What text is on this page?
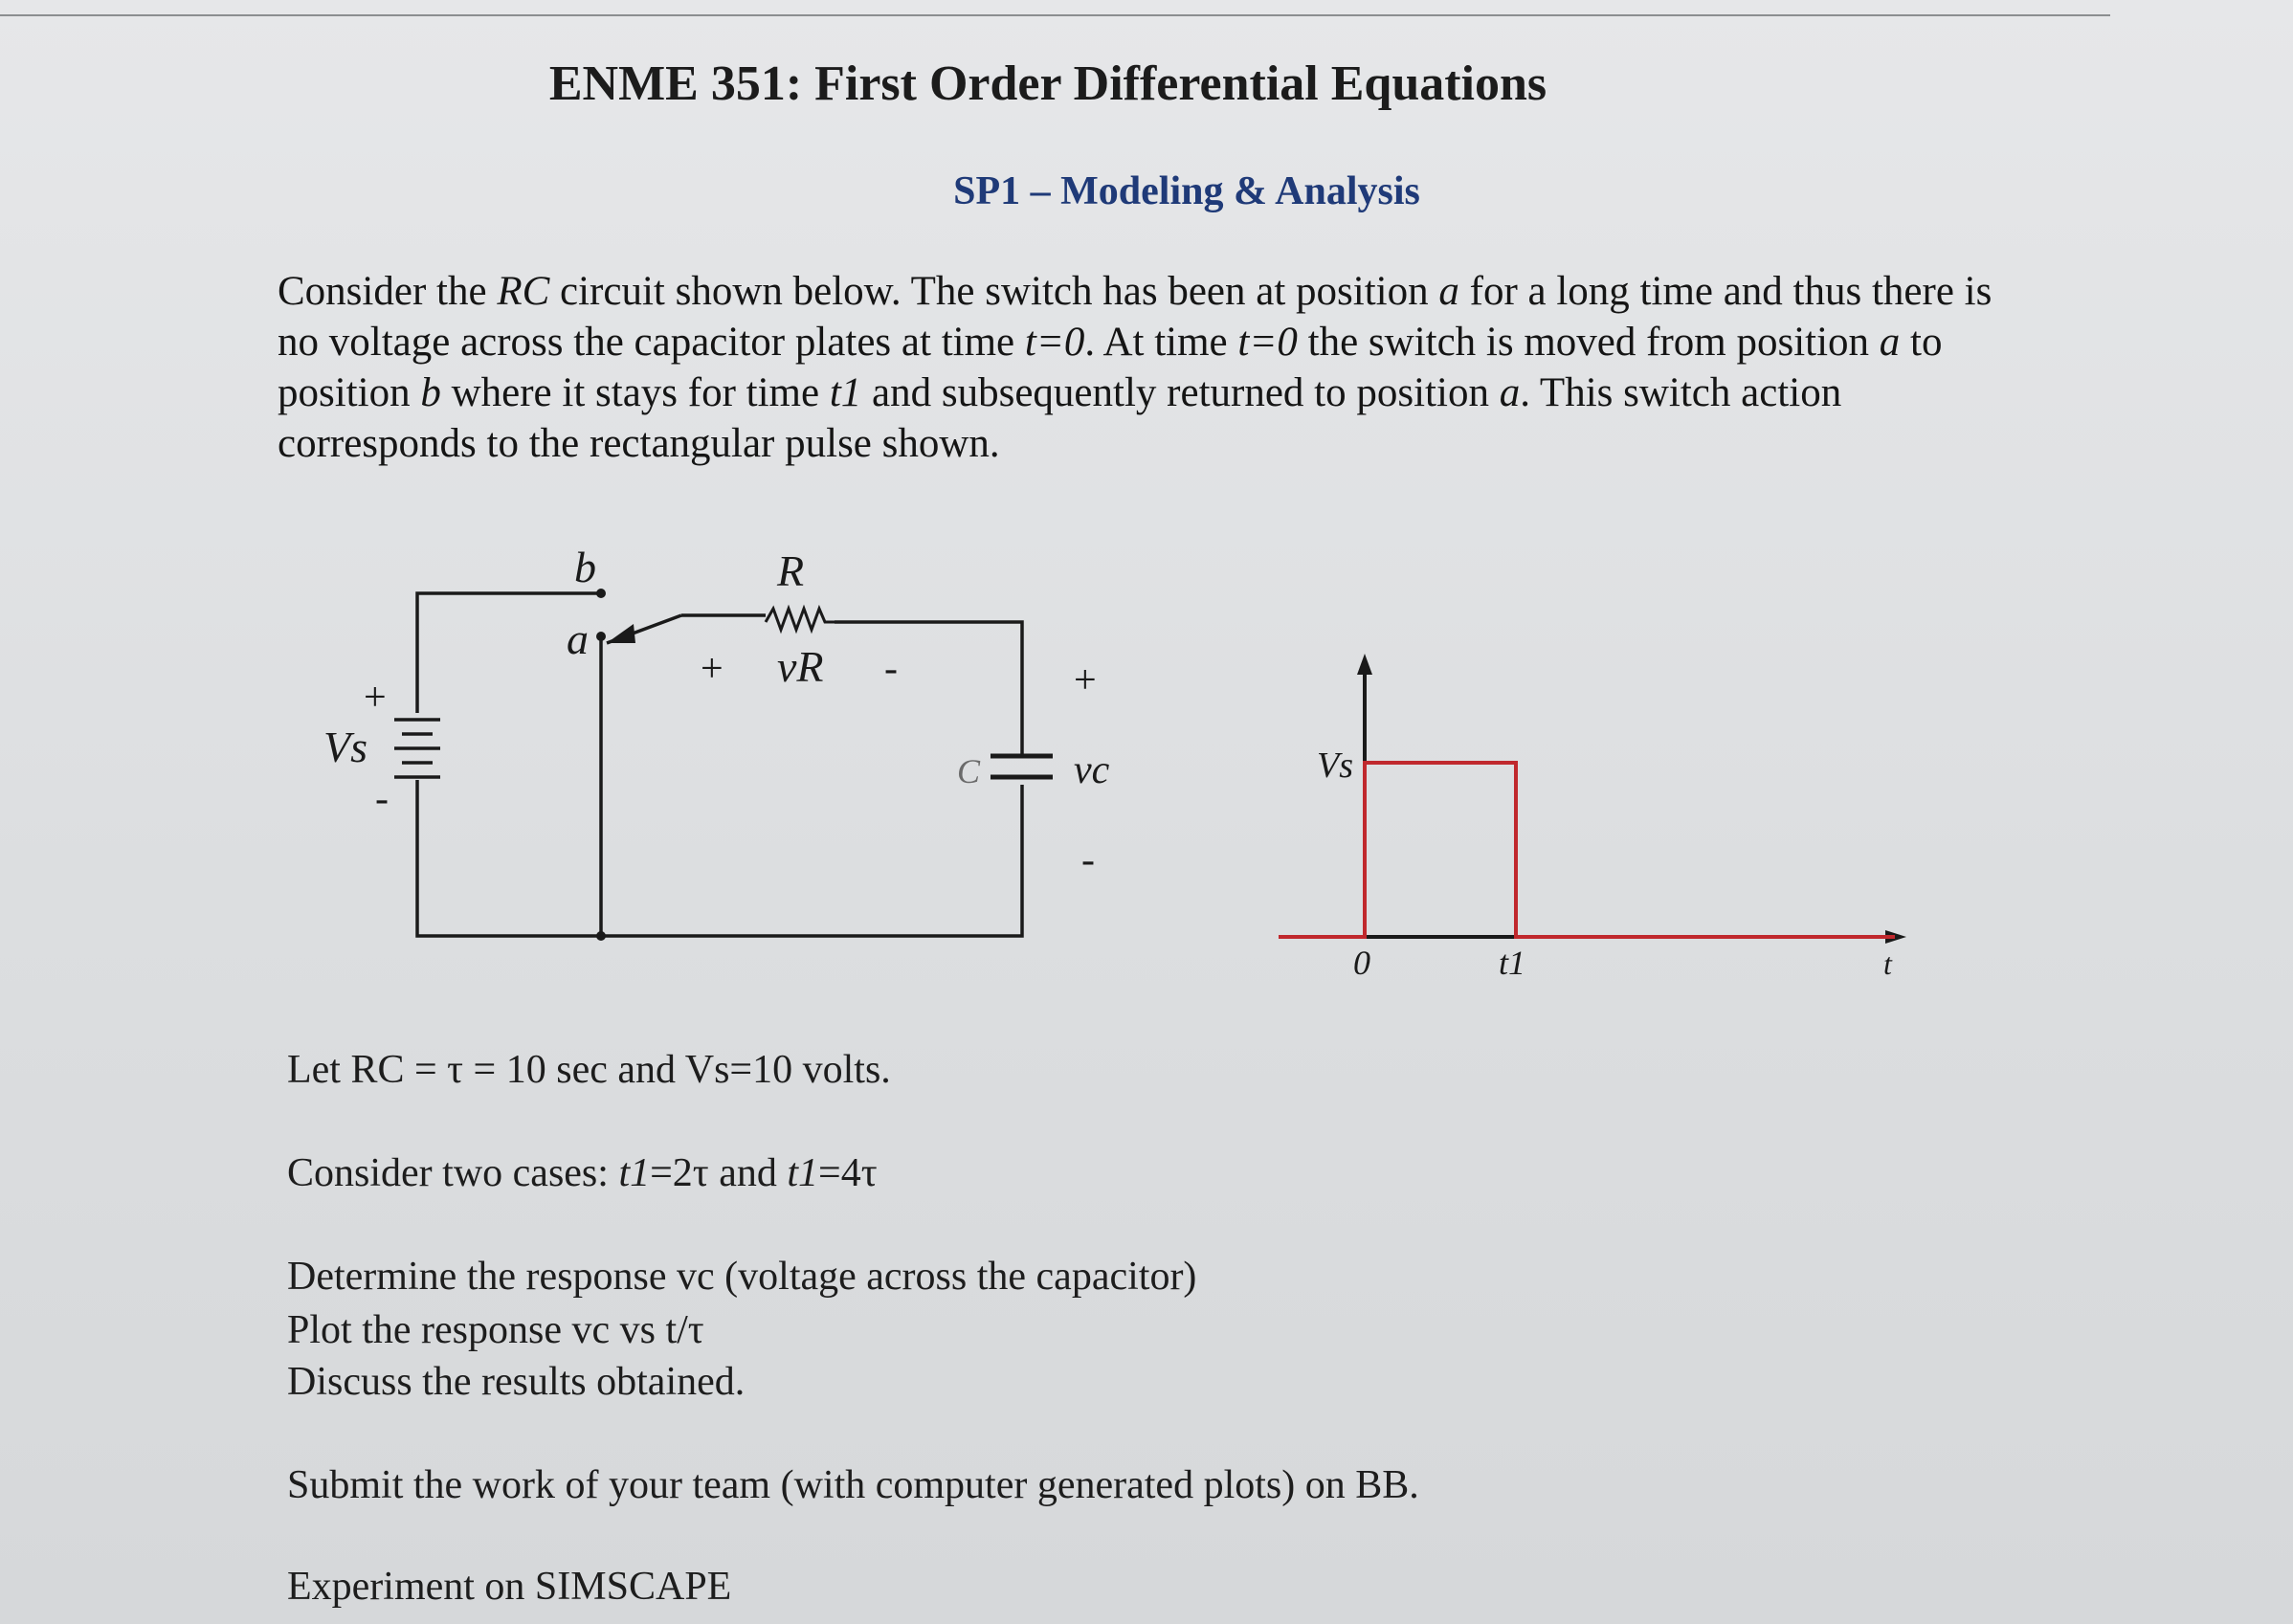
ENME 351: First Order Differential Equations
SP1 – Modeling & Analysis
Consider the RC circuit shown below. The switch has been at position a for a long time and thus there is no voltage across the capacitor plates at time t=0. At time t=0 the switch is moved from position a to position b where it stays for time t1 and subsequently returned to position a. This switch action corresponds to the rectangular pulse shown.
b
a
R
vR
Vs	vc
C
+	-
+
-
+
-
Vs
0	t1	t
Let RC = τ = 10 sec and Vs=10 volts.
Consider two cases: t1=2τ and t1=4τ
Determine the response vc (voltage across the capacitor)
Plot the response vc vs t/τ
Discuss the results obtained.
Submit the work of your team (with computer generated plots) on BB.
Experiment on SIMSCAPE
